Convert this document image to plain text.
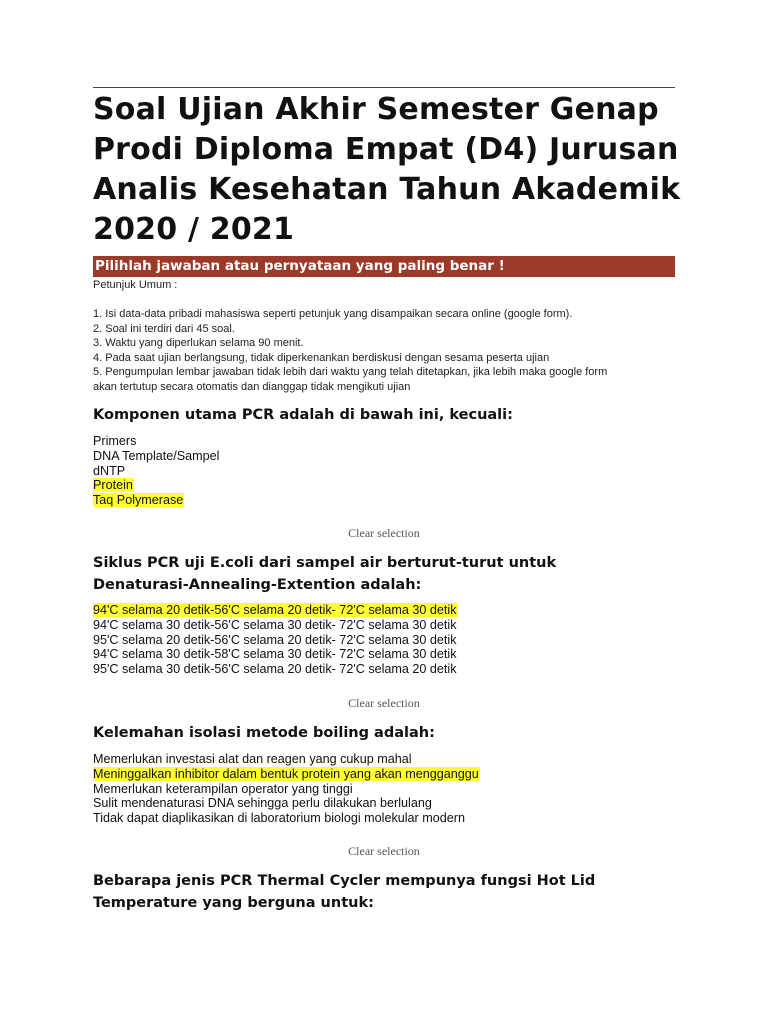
Soal Ujian Akhir Semester Genap Prodi Diploma Empat (D4) Jurusan Analis Kesehatan Tahun Akademik 2020 / 2021
Pilihlah jawaban atau pernyataan yang paling benar !
Petunjuk Umum :
1. Isi data-data pribadi mahasiswa seperti petunjuk yang disampaikan secara online (google form).
2. Soal ini terdiri dari 45 soal.
3. Waktu yang diperlukan selama 90 menit.
4. Pada saat ujian berlangsung, tidak diperkenankan berdiskusi dengan sesama peserta ujian
5. Pengumpulan lembar jawaban tidak lebih dari waktu yang telah ditetapkan, jika lebih maka google form
akan tertutup secara otomatis dan dianggap tidak mengikuti ujian
Komponen utama PCR adalah di bawah ini, kecuali:
Primers
DNA Template/Sampel
dNTP
Protein
Taq Polymerase
Clear selection
Siklus PCR uji E.coli dari sampel air berturut-turut untuk Denaturasi-Annealing-Extention adalah:
94'C selama 20 detik-56'C selama 20 detik- 72'C selama 30 detik
94'C selama 30 detik-56'C selama 30 detik- 72'C selama 30 detik
95'C selama 20 detik-56'C selama 20 detik- 72'C selama 30 detik
94'C selama 30 detik-58'C selama 30 detik- 72'C selama 30 detik
95'C selama 30 detik-56'C selama 20 detik- 72'C selama 20 detik
Clear selection
Kelemahan isolasi metode boiling adalah:
Memerlukan investasi alat dan reagen yang cukup mahal
Meninggalkan inhibitor dalam bentuk protein yang akan mengganggu
Memerlukan keterampilan operator yang tinggi
Sulit mendenaturasi DNA sehingga perlu dilakukan berlulang
Tidak dapat diaplikasikan di laboratorium biologi molekular modern
Clear selection
Bebarapa jenis PCR Thermal Cycler mempunya fungsi Hot Lid Temperature yang berguna untuk:
